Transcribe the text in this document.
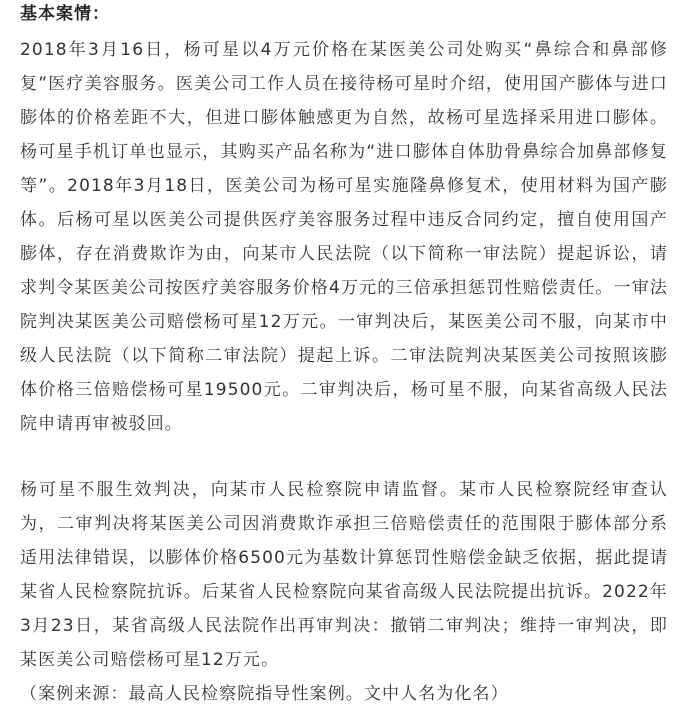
基本案情：

2018年3月16日，杨可星以4万元价格在某医美公司处购买“鼻综合和鼻部修复”医疗美容服务。医美公司工作人员在接待杨可星时介绍，使用国产膨体与进口膨体的价格差距不大，但进口膨体触感更为自然，故杨可星选择采用进口膨体。杨可星手机订单也显示，其购买产品名称为“进口膨体自体肋骨鼻综合加鼻部修复等”。2018年3月18日，医美公司为杨可星实施隆鼻修复术，使用材料为国产膨体。后杨可星以医美公司提供医疗美容服务过程中违反合同约定，擅自使用国产膨体，存在消费欺诈为由，向某市人民法院（以下简称一审法院）提起诉讼，请求判令某医美公司按医疗美容服务价格4万元的三倍承担惩罚性赔偿责任。一审法院判决某医美公司赔偿杨可星12万元。一审判决后，某医美公司不服，向某市中级人民法院（以下简称二审法院）提起上诉。二审法院判决某医美公司按照该膨体价格三倍赔偿杨可星19500元。二审判决后，杨可星不服，向某省高级人民法院申请再审被驳回。

杨可星不服生效判决，向某市人民检察院申请监督。某市人民检察院经审查认为，二审判决将某医美公司因消费欺诈承担三倍赔偿责任的范围限于膨体部分系适用法律错误，以膨体价格6500元为基数计算惩罚性赔偿金缺乏依据，据此提请某省人民检察院抗诉。后某省人民检察院向某省高级人民法院提出抗诉。2022年3月23日，某省高级人民法院作出再审判决：撤销二审判决；维持一审判决，即某医美公司赔偿杨可星12万元。

（案例来源：最高人民检察院指导性案例。文中人名为化名）
